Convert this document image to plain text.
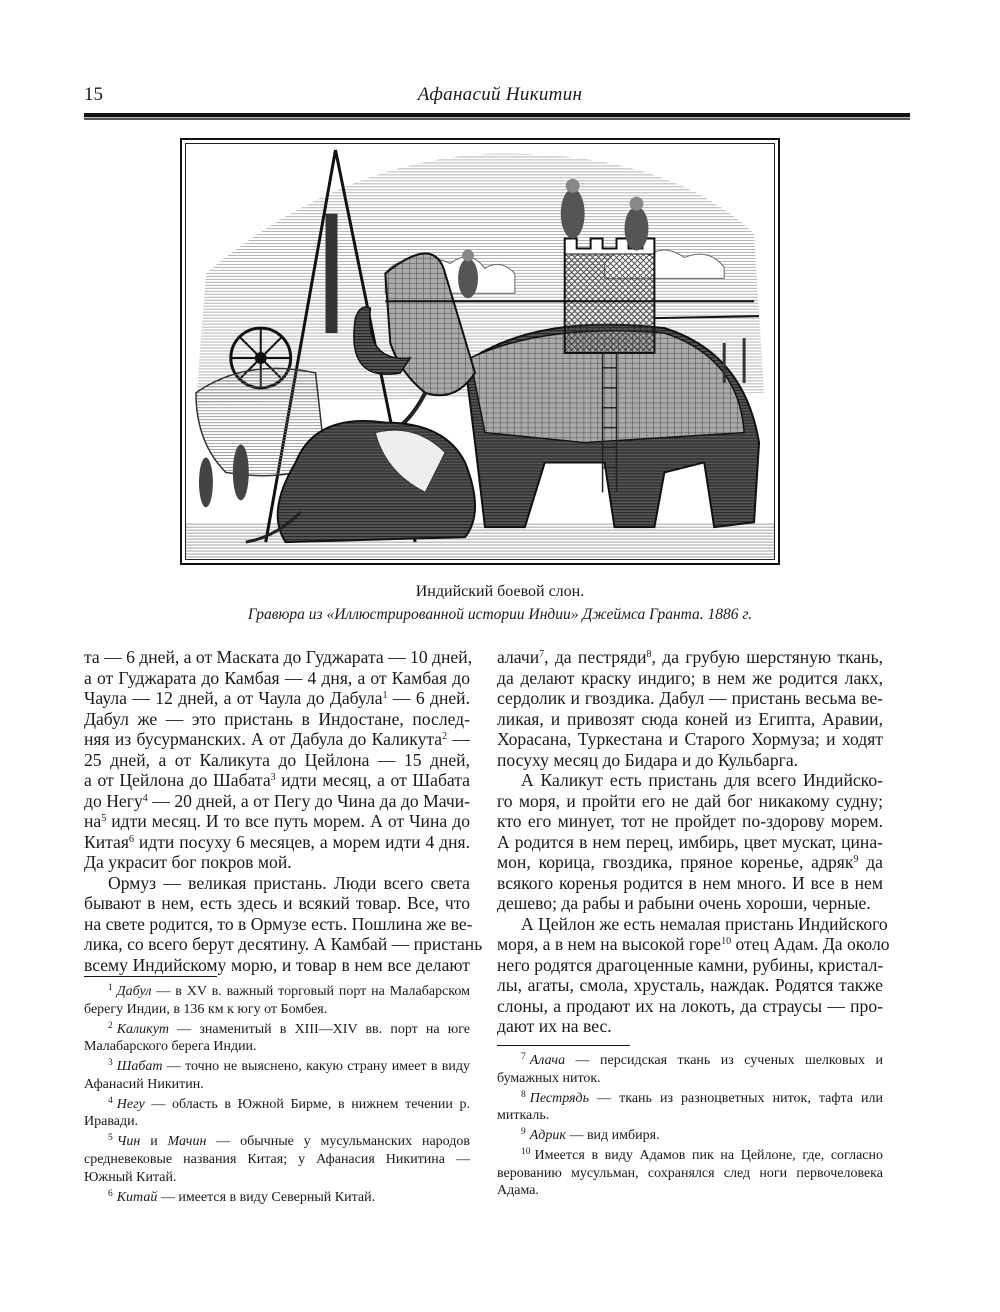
15	Афанасий Никитин
Индийский боевой слон.
Гравюра из «Иллюстрированной истории Индии» Джеймса Гранта. 1886 г.

та — 6 дней, а от Маската до Гуджарата — 10 дней,
а от Гуджарата до Камбая — 4 дня, а от Камбая до
Чаула — 12 дней, а от Чаула до Дабула$^1$ — 6 дней.
Дабул же — это пристань в Индостане, послед-
няя из бусурманских. А от Дабула до Каликута$^2$ —
25 дней, а от Каликута до Цейлона — 15 дней,
а от Цейлона до Шабата$^3$ идти месяц, а от Шабата
до Негу$^4$ — 20 дней, а от Пегу до Чина да до Мачи-
$на^5$ идти месяц. И то все путь морем. А от Чина до
Китая$^6$ идти посуху 6 месяцев, а морем идти 4 дня.
Да украсит бог покров мой.

Ормуз — великая пристань. Люди всего света
бывают в нем, есть здесь и всякий товар. Все, что
на свете родится, то в Ормузе есть. Пошлина же ве-
лика, со всего берут десятину. А Камбай — пристань
всему Индийскому морю, и товар в нем все делают

алачи$^7$, да пестряди$^8$, да грубую шерстяную ткань,
да делают краску индиго; в нем же родится лакх,
сердолик и гвоздика. Дабул — пристань весьма ве-
ликая, и привозят сюда коней из Египта, Аравии,
Хорасана, Туркестана и Старого Хормуза; и ходят
посуху месяц до Бидара и до Кульбарга.

А Каликут есть пристань для всего Индийско-
го моря, и пройти его не дай бог никакому судну;
кто его минует, тот не пройдет по-здорову морем.
А родится в нем перец, имбирь, цвет мускат, цина-
мон, корица, гвоздика, пряное коренье, адряк$^9$ да
всякого коренья родится в нем много. И все в нем
дешево; да рабы и рабыни очень хороши, черные.

А Цейлон же есть немалая пристань Индийского
моря, а в нем на высокой горе$^{10}$ отец Адам. Да около
него родятся драгоценные камни, рубины, кристал-
лы, агаты, смола, хрусталь, наждак. Родятся также
слоны, а продают их на локоть, да страусы — про-
дают их на вес.

$^1$ Дабул — в XV в. важный торговый порт на Малабарском берегу Индии, в 136 км к югу от Бомбея.

$^2$ Каликут — знаменитый в XIII—XIV вв. порт на юге Малабарского берега Индии.

$^3$ Шабат — точно не выяснено, какую страну имеет в виду Афанасий Никитин.

$^4$ Негу — область в Южной Бирме, в нижнем течении р. Иравади.

$^5$ Чин и Мачин — обычные у мусульманских народов средневековые названия Китая; у Афанасия Никитина — Южный Китай.

$^6$ Китай — имеется в виду Северный Китай.

$^7$ Алача — персидская ткань из сученых шелковых и бумажных ниток.

$^8$ Пестрядь — ткань из разноцветных ниток, тафта или миткаль.

$^9$ Адрик — вид имбиря.

$^{10}$ Имеется в виду Адамов пик на Цейлоне, где, согласно верованию мусульман, сохранялся след ноги первочеловека Адама.
